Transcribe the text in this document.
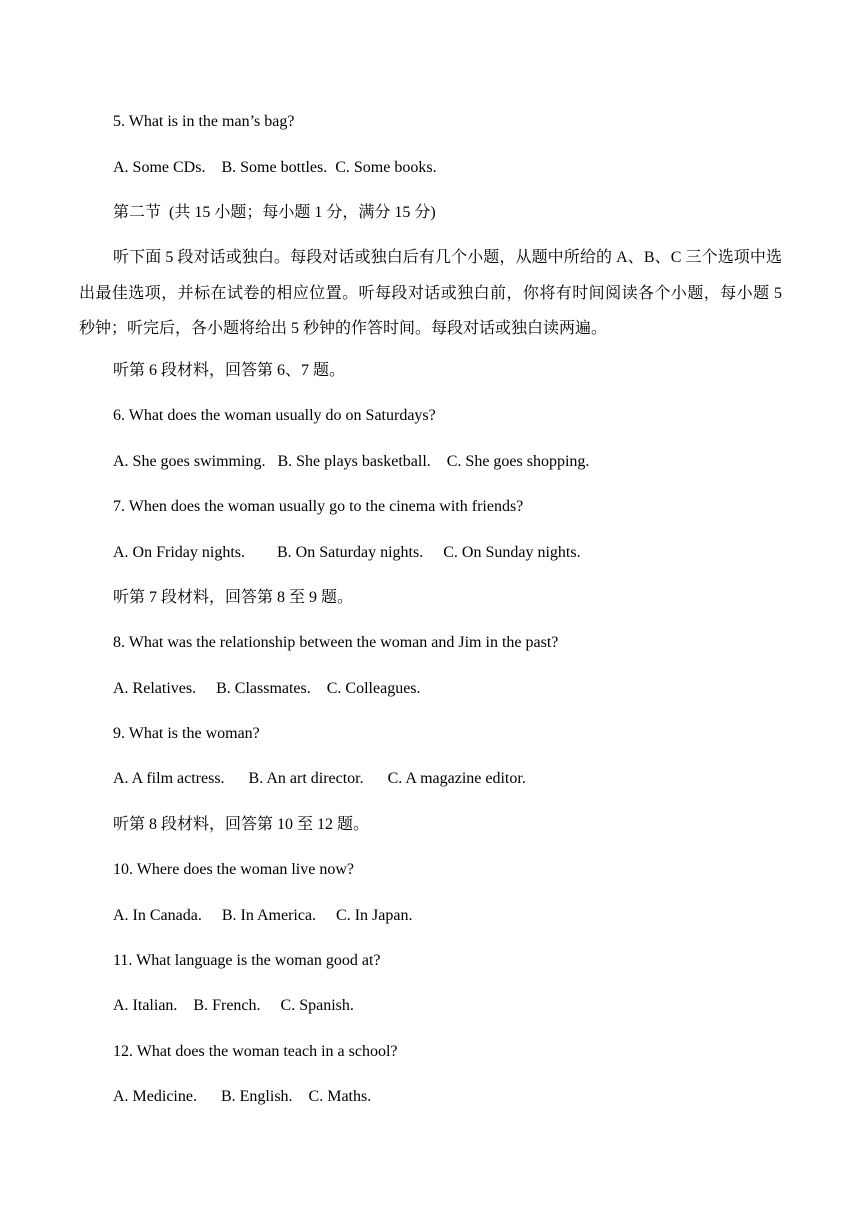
5. What is in the man’s bag?
A. Some CDs.    B. Some bottles.  C. Some books.
第二节  (共 15 小题；每小题 1 分，满分 15 分)
听下面 5 段对话或独白。每段对话或独白后有几个小题，从题中所给的 A、B、C 三个选项中选出最佳选项，并标在试卷的相应位置。听每段对话或独白前，你将有时间阅读各个小题，每小题 5 秒钟；听完后，各小题将给出 5 秒钟的作答时间。每段对话或独白读两遍。
听第 6 段材料，回答第 6、7 题。
6. What does the woman usually do on Saturdays?
A. She goes swimming.   B. She plays basketball.    C. She goes shopping.
7. When does the woman usually go to the cinema with friends?
A. On Friday nights.        B. On Saturday nights.     C. On Sunday nights.
听第 7 段材料，回答第 8 至 9 题。
8. What was the relationship between the woman and Jim in the past?
A. Relatives.     B. Classmates.    C. Colleagues.
9. What is the woman?
A. A film actress.      B. An art director.      C. A magazine editor.
听第 8 段材料，回答第 10 至 12 题。
10. Where does the woman live now?
A. In Canada.     B. In America.     C. In Japan.
11. What language is the woman good at?
A. Italian.    B. French.     C. Spanish.
12. What does the woman teach in a school?
A. Medicine.      B. English.    C. Maths.
